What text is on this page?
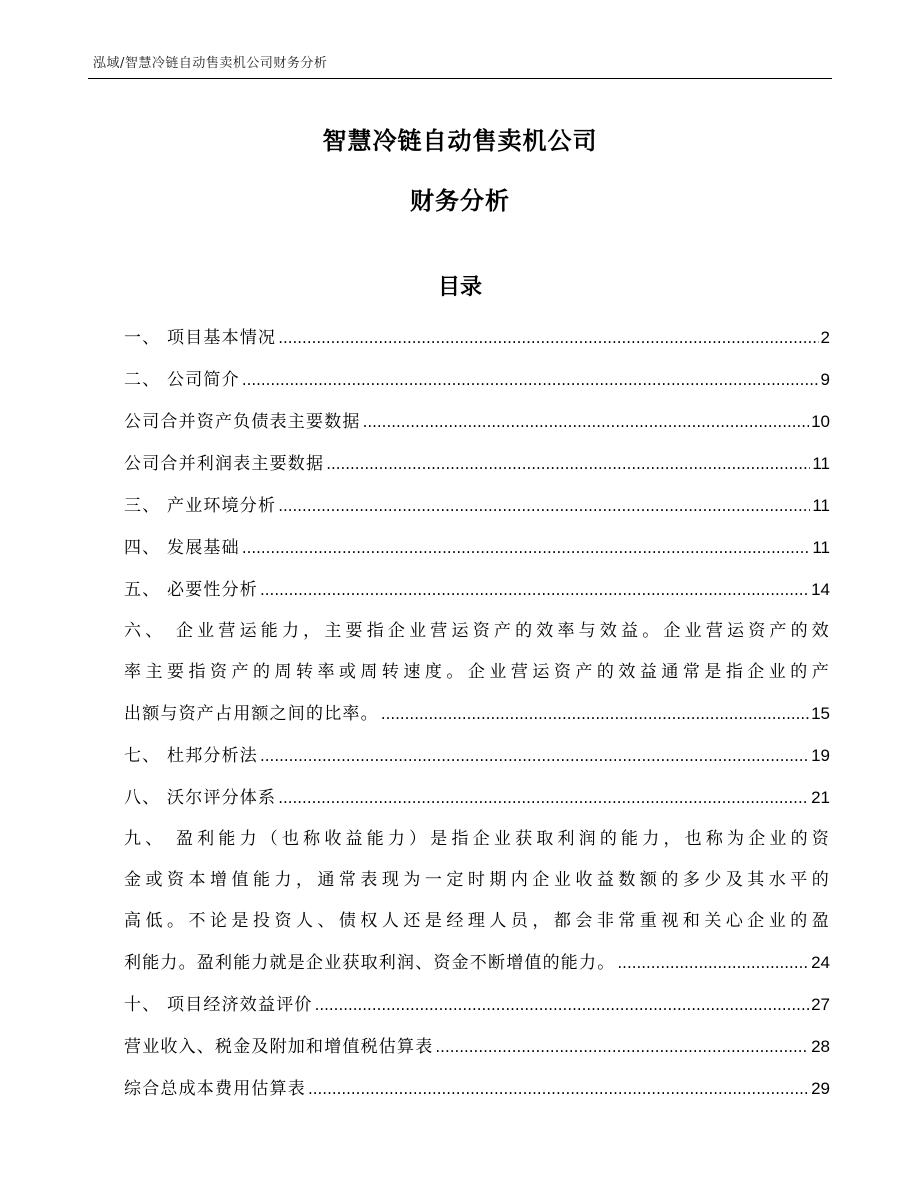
泓域/智慧冷链自动售卖机公司财务分析
智慧冷链自动售卖机公司
财务分析
目录
一、 项目基本情况 .....	2
二、 公司简介 .....	9
公司合并资产负债表主要数据 .....	10
公司合并利润表主要数据 .....	11
三、 产业环境分析 .....	11
四、 发展基础 .....	11
五、 必要性分析 .....	14
六、 企业营运能力，主要指企业营运资产的效率与效益。企业营运资产的效
率主要指资产的周转率或周转速度。企业营运资产的效益通常是指企业的产
出额与资产占用额之间的比率。 .....	15
七、 杜邦分析法 .....	19
八、 沃尔评分体系 .....	21
九、 盈利能力（也称收益能力）是指企业获取利润的能力，也称为企业的资
金或资本增值能力，通常表现为一定时期内企业收益数额的多少及其水平的
高低。不论是投资人、债权人还是经理人员，都会非常重视和关心企业的盈
利能力。盈利能力就是企业获取利润、资金不断增值的能力。 .....	24
十、 项目经济效益评价 .....	27
营业收入、税金及附加和增值税估算表 .....	28
综合总成本费用估算表 .....	29
